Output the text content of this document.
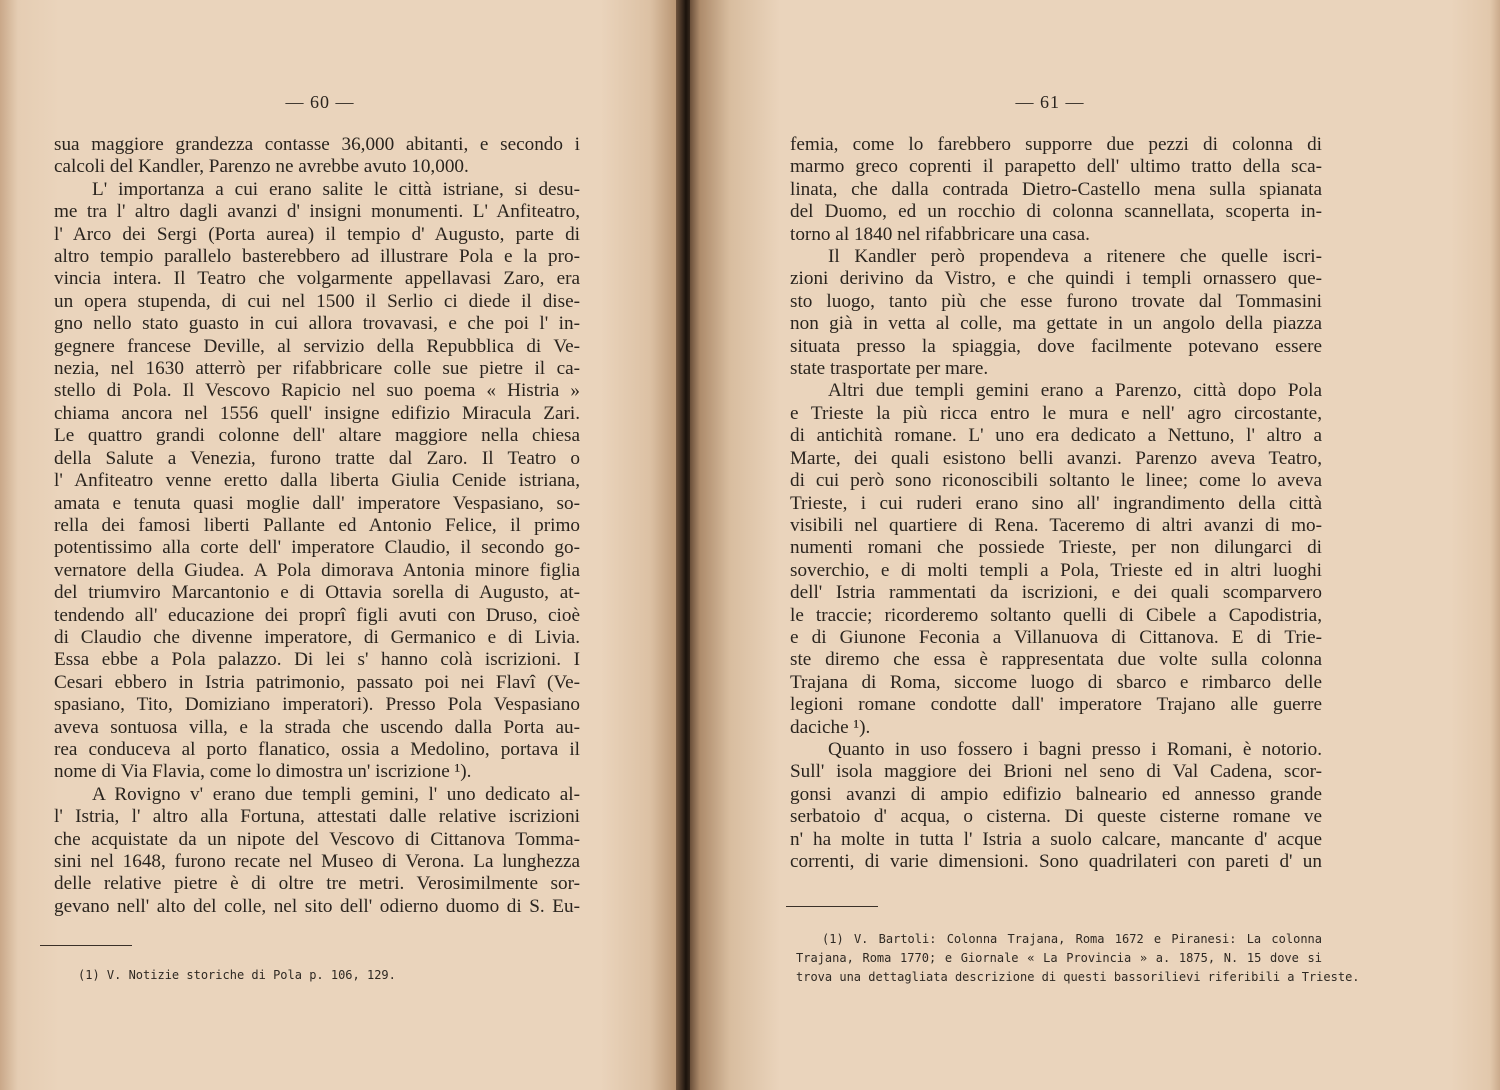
— 60 —
sua maggiore grandezza contasse 36,000 abitanti, e secondo i
calcoli del Kandler, Parenzo ne avrebbe avuto 10,000.
L' importanza a cui erano salite le città istriane, si desu-
me tra l' altro dagli avanzi d' insigni monumenti. L' Anfiteatro,
l' Arco dei Sergi (Porta aurea) il tempio d' Augusto, parte di
altro tempio parallelo basterebbero ad illustrare Pola e la pro-
vincia intera. Il Teatro che volgarmente appellavasi Zaro, era
un opera stupenda, di cui nel 1500 il Serlio ci diede il dise-
gno nello stato guasto in cui allora trovavasi, e che poi l' in-
gegnere francese Deville, al servizio della Repubblica di Ve-
nezia, nel 1630 atterrò per rifabbricare colle sue pietre il ca-
stello di Pola. Il Vescovo Rapicio nel suo poema « Histria »
chiama ancora nel 1556 quell' insigne edifizio Miracula Zari.
Le quattro grandi colonne dell' altare maggiore nella chiesa
della Salute a Venezia, furono tratte dal Zaro. Il Teatro o
l' Anfiteatro venne eretto dalla liberta Giulia Cenide istriana,
amata e tenuta quasi moglie dall' imperatore Vespasiano, so-
rella dei famosi liberti Pallante ed Antonio Felice, il primo
potentissimo alla corte dell' imperatore Claudio, il secondo go-
vernatore della Giudea. A Pola dimorava Antonia minore figlia
del triumviro Marcantonio e di Ottavia sorella di Augusto, at-
tendendo all' educazione dei proprî figli avuti con Druso, cioè
di Claudio che divenne imperatore, di Germanico e di Livia.
Essa ebbe a Pola palazzo. Di lei s' hanno colà iscrizioni. I
Cesari ebbero in Istria patrimonio, passato poi nei Flavî (Ve-
spasiano, Tito, Domiziano imperatori). Presso Pola Vespasiano
aveva sontuosa villa, e la strada che uscendo dalla Porta au-
rea conduceva al porto flanatico, ossia a Medolino, portava il
nome di Via Flavia, come lo dimostra un' iscrizione ¹).
A Rovigno v' erano due templi gemini, l' uno dedicato al-
l' Istria, l' altro alla Fortuna, attestati dalle relative iscrizioni
che acquistate da un nipote del Vescovo di Cittanova Tomma-
sini nel 1648, furono recate nel Museo di Verona. La lunghezza
delle relative pietre è di oltre tre metri. Verosimilmente sor-
gevano nell' alto del colle, nel sito dell' odierno duomo di S. Eu-
(1) V. Notizie storiche di Pola p. 106, 129.
— 61 —
femia, come lo farebbero supporre due pezzi di colonna di
marmo greco coprenti il parapetto dell' ultimo tratto della sca-
linata, che dalla contrada Dietro-Castello mena sulla spianata
del Duomo, ed un rocchio di colonna scannellata, scoperta in-
torno al 1840 nel rifabbricare una casa.
Il Kandler però propendeva a ritenere che quelle iscri-
zioni derivino da Vistro, e che quindi i templi ornassero que-
sto luogo, tanto più che esse furono trovate dal Tommasini
non già in vetta al colle, ma gettate in un angolo della piazza
situata presso la spiaggia, dove facilmente potevano essere
state trasportate per mare.
Altri due templi gemini erano a Parenzo, città dopo Pola
e Trieste la più ricca entro le mura e nell' agro circostante,
di antichità romane. L' uno era dedicato a Nettuno, l' altro a
Marte, dei quali esistono belli avanzi. Parenzo aveva Teatro,
di cui però sono riconoscibili soltanto le linee; come lo aveva
Trieste, i cui ruderi erano sino all' ingrandimento della città
visibili nel quartiere di Rena. Taceremo di altri avanzi di mo-
numenti romani che possiede Trieste, per non dilungarci di
soverchio, e di molti templi a Pola, Trieste ed in altri luoghi
dell' Istria rammentati da iscrizioni, e dei quali scomparvero
le traccie; ricorderemo soltanto quelli di Cibele a Capodistria,
e di Giunone Feconia a Villanuova di Cittanova. E di Trie-
ste diremo che essa è rappresentata due volte sulla colonna
Trajana di Roma, siccome luogo di sbarco e rimbarco delle
legioni romane condotte dall' imperatore Trajano alle guerre
daciche ¹).
Quanto in uso fossero i bagni presso i Romani, è notorio.
Sull' isola maggiore dei Brioni nel seno di Val Cadena, scor-
gonsi avanzi di ampio edifizio balneario ed annesso grande
serbatoio d' acqua, o cisterna. Di queste cisterne romane ve
n' ha molte in tutta l' Istria a suolo calcare, mancante d' acque
correnti, di varie dimensioni. Sono quadrilateri con pareti d' un
(1) V. Bartoli: Colonna Trajana, Roma 1672 e Piranesi: La colonna
Trajana, Roma 1770; e Giornale « La Provincia » a. 1875, N. 15 dove si
trova una dettagliata descrizione di questi bassorilievi riferibili a Trieste.
